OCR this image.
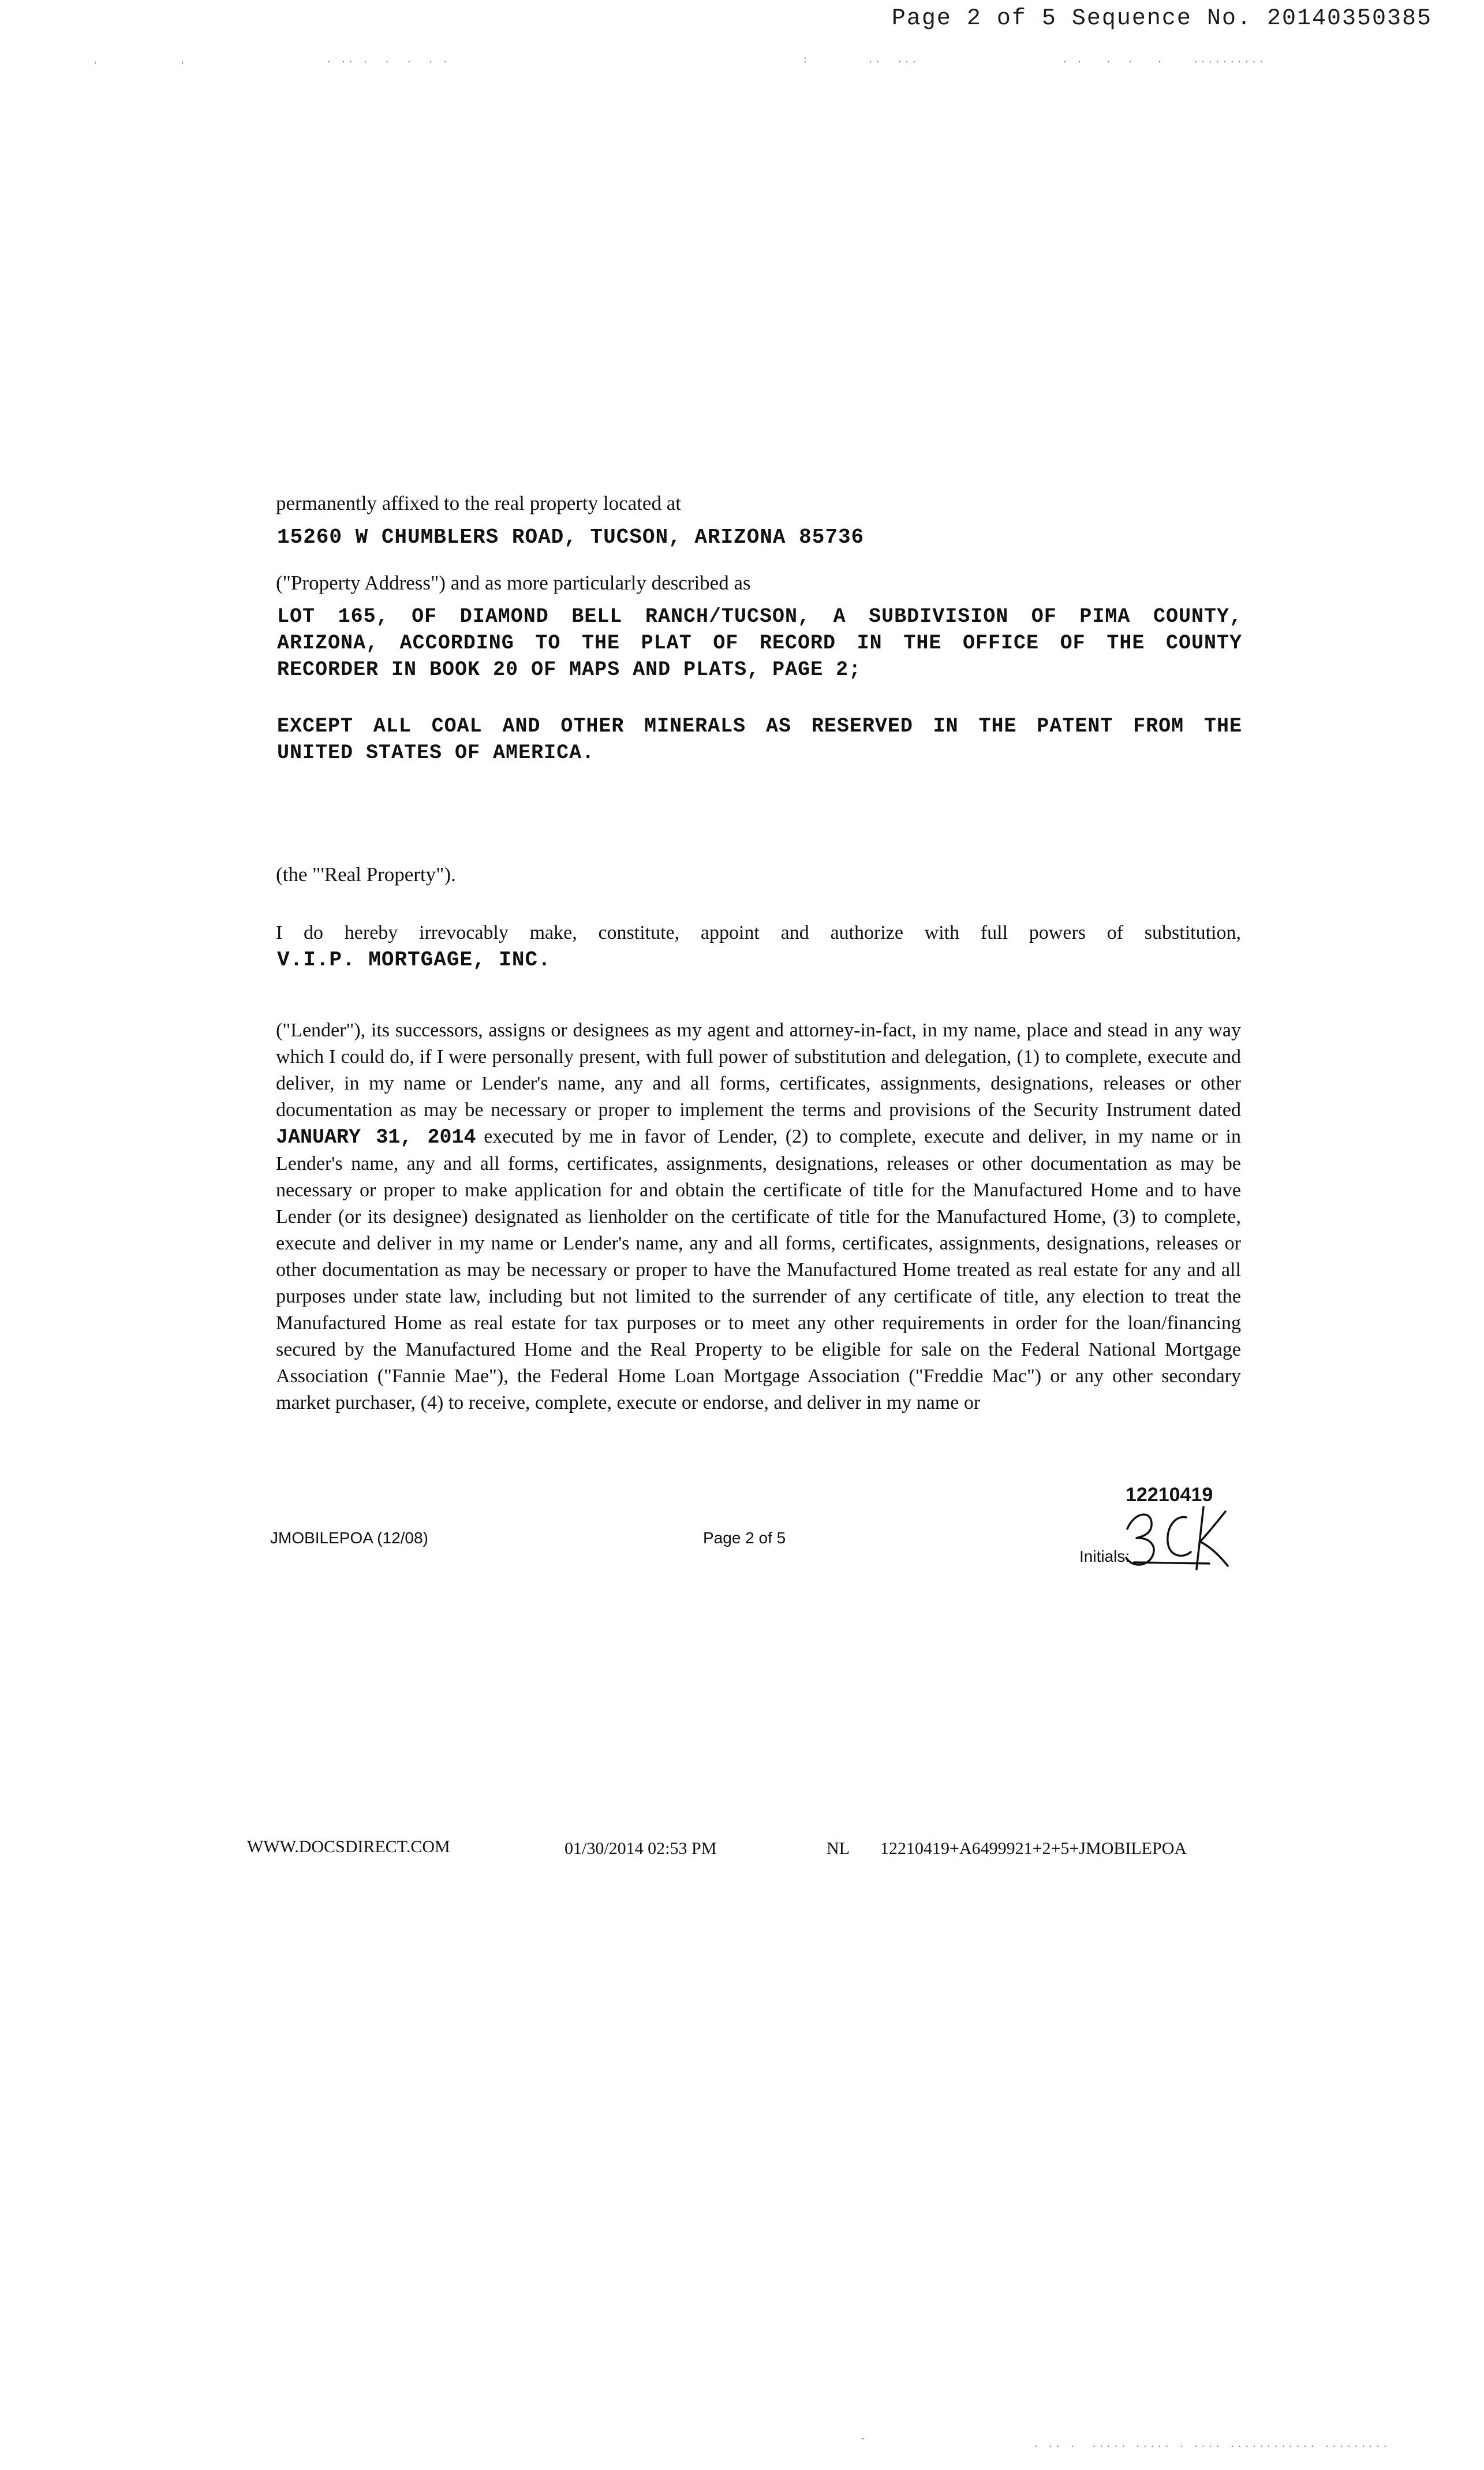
Page 2 of 5 Sequence No. 20140350385
'           '
. .. .  .  .  . .	:        ..  ...	. .   .  .   .    ..........
permanently affixed to the real property located at
15260 W CHUMBLERS ROAD, TUCSON, ARIZONA 85736
("Property Address") and as more particularly described as
LOT 165, OF DIAMOND BELL RANCH/TUCSON, A SUBDIVISION OF PIMA COUNTY, ARIZONA, ACCORDING TO THE PLAT OF RECORD IN THE OFFICE OF THE COUNTY RECORDER IN BOOK 20 OF MAPS AND PLATS, PAGE 2;
EXCEPT ALL COAL AND OTHER MINERALS AS RESERVED IN THE PATENT FROM THE UNITED STATES OF AMERICA.
(the "'Real Property").
I do hereby irrevocably make, constitute, appoint and authorize with full powers of substitution,
V.I.P. MORTGAGE, INC.
("Lender"), its successors, assigns or designees as my agent and attorney-in-fact, in my name, place and stead in any way which I could do, if I were personally present, with full power of substitution and delegation, (1) to complete, execute and deliver, in my name or Lender's name, any and all forms, certificates, assignments, designations, releases or other documentation as may be necessary or proper to implement the terms and provisions of the Security Instrument dated JANUARY 31, 2014 executed by me in favor of Lender, (2) to complete, execute and deliver, in my name or in Lender's name, any and all forms, certificates, assignments, designations, releases or other documentation as may be necessary or proper to make application for and obtain the certificate of title for the Manufactured Home and to have Lender (or its designee) designated as lienholder on the certificate of title for the Manufactured Home, (3) to complete, execute and deliver in my name or Lender's name, any and all forms, certificates, assignments, designations, releases or other documentation as may be necessary or proper to have the Manufactured Home treated as real estate for any and all purposes under state law, including but not limited to the surrender of any certificate of title, any election to treat the Manufactured Home as real estate for tax purposes or to meet any other requirements in order for the loan/financing secured by the Manufactured Home and the Real Property to be eligible for sale on the Federal National Mortgage Association ("Fannie Mae"), the Federal Home Loan Mortgage Association ("Freddie Mac") or any other secondary market purchaser, (4) to receive, complete, execute or endorse, and deliver in my name or
12210419
JMOBILEPOA (12/08)	Page 2 of 5
Initials:
WWW.DOCSDIRECT.COM	01/30/2014 02:53 PM	NL 12210419+A6499921+2+5+JMOBILEPOA
-
. .. .  ..... ..... . .... ............ .........
